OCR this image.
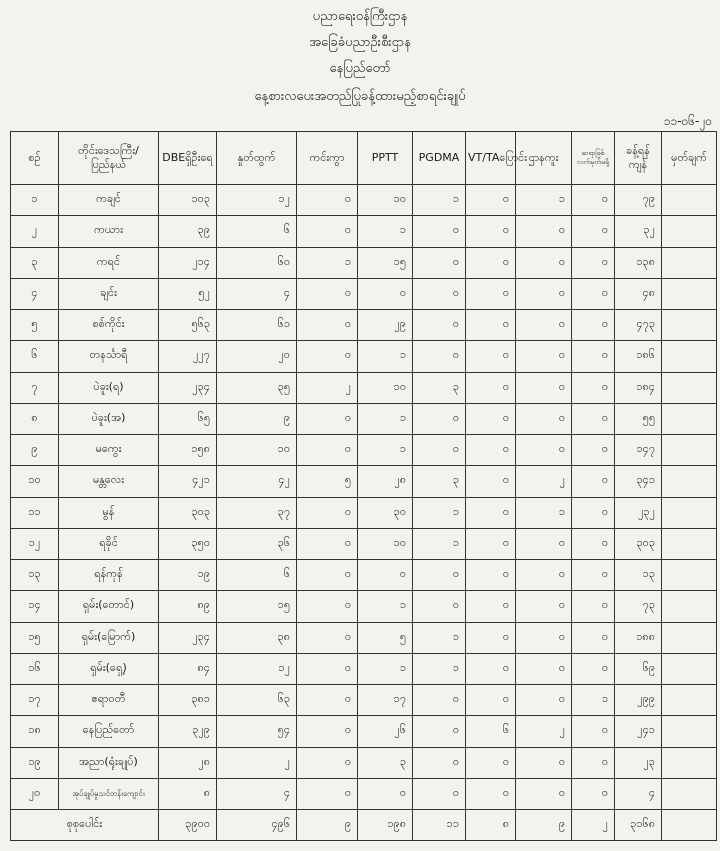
ပညာရေးဝန်ကြီးဌာန
အခြေခံပညာဦးစီးဌာန
နေပြည်တော်
နေ့စားလပေးအတည်ပြုခန့်ထားမည့်စာရင်းချုပ်
၁၁-၀၆-၂၀
စဉ်	တိုင်းဒေသကြီး/ပြည်နယ်	DBEရှိဦးရေ	နှုတ်ထွက်	ကင်းကွာ	PPTT	PGDMA	VT/TAပြောင်း	ဌာနကူး	ဆရာဖြစ်လက်မှတ်မရှိ	ခန့်ရန်ကျန်	မှတ်ချက်
၁	ကချင်	၁၀၃	၁၂	၀	၁၀	၁	၀	၁	၀	၇၉	
၂	ကယား	၃၉	၆	၀	၁	၀	၀	၀	၀	၃၂	
၃	ကရင်	၂၁၄	၆၀	၁	၁၅	၀	၀	၀	၀	၁၃၈	
၄	ချင်း	၅၂	၄	၀	၀	၀	၀	၀	၀	၄၈	
၅	စစ်ကိုင်း	၅၆၃	၆၁	၀	၂၉	၀	၀	၀	၀	၄၇၃	
၆	တနင်္သာရီ	၂၂၇	၂၀	၀	၁	၀	၀	၀	၀	၁၈၆	
၇	ပဲခူး(ရ)	၂၃၄	၃၅	၂	၁၀	၃	၀	၀	၀	၁၈၄	
၈	ပဲခူး(အ)	၆၅	၉	၀	၁	၀	၀	၀	၀	၅၅	
၉	မကွေး	၁၅၈	၁၀	၀	၁	၀	၀	၀	၀	၁၄၇	
၁၀	မန္တလေး	၄၂၁	၄၂	၅	၂၈	၃	၀	၂	၀	၃၄၁	
၁၁	မွန်	၃၀၃	၃၇	၀	၃၀	၁	၀	၁	၀	၂၃၂	
၁၂	ရခိုင်	၃၅၀	၃၆	၀	၁၀	၁	၀	၀	၀	၃၀၃	
၁၃	ရန်ကုန်	၁၉	၆	၀	၀	၀	၀	၀	၀	၁၃	
၁၄	ရှမ်း(တောင်)	၈၉	၁၅	၀	၁	၀	၀	၀	၀	၇၃	
၁၅	ရှမ်း(မြောက်)	၂၃၄	၃၈	၀	၅	၁	၀	၀	၀	၁၈၈	
၁၆	ရှမ်း(ရှေ့)	၈၄	၁၂	၀	၁	၁	၀	၀	၀	၆၉	
၁၇	ဧရာဝတီ	၃၈၁	၆၃	၀	၁၇	၀	၀	၀	၁	၂၉၉	
၁၈	နေပြည်တော်	၃၂၉	၅၄	၀	၂၆	၀	၆	၂	၀	၂၄၁	
၁၉	အညာ(ရုံးချုပ်)	၂၈	၂	၀	၃	၀	၀	၀	၀	၂၃	
၂၀	အုပ်ချုပ်မှုသင်တန်းကျောင်း	၈	၄	၀	၀	၀	၀	၀	၀	၄	
စုစုပေါင်း		၃၉၀၀	၄၉၆	၉	၁၉၈	၁၁	၈	၉	၂	၃၁၆၈	
